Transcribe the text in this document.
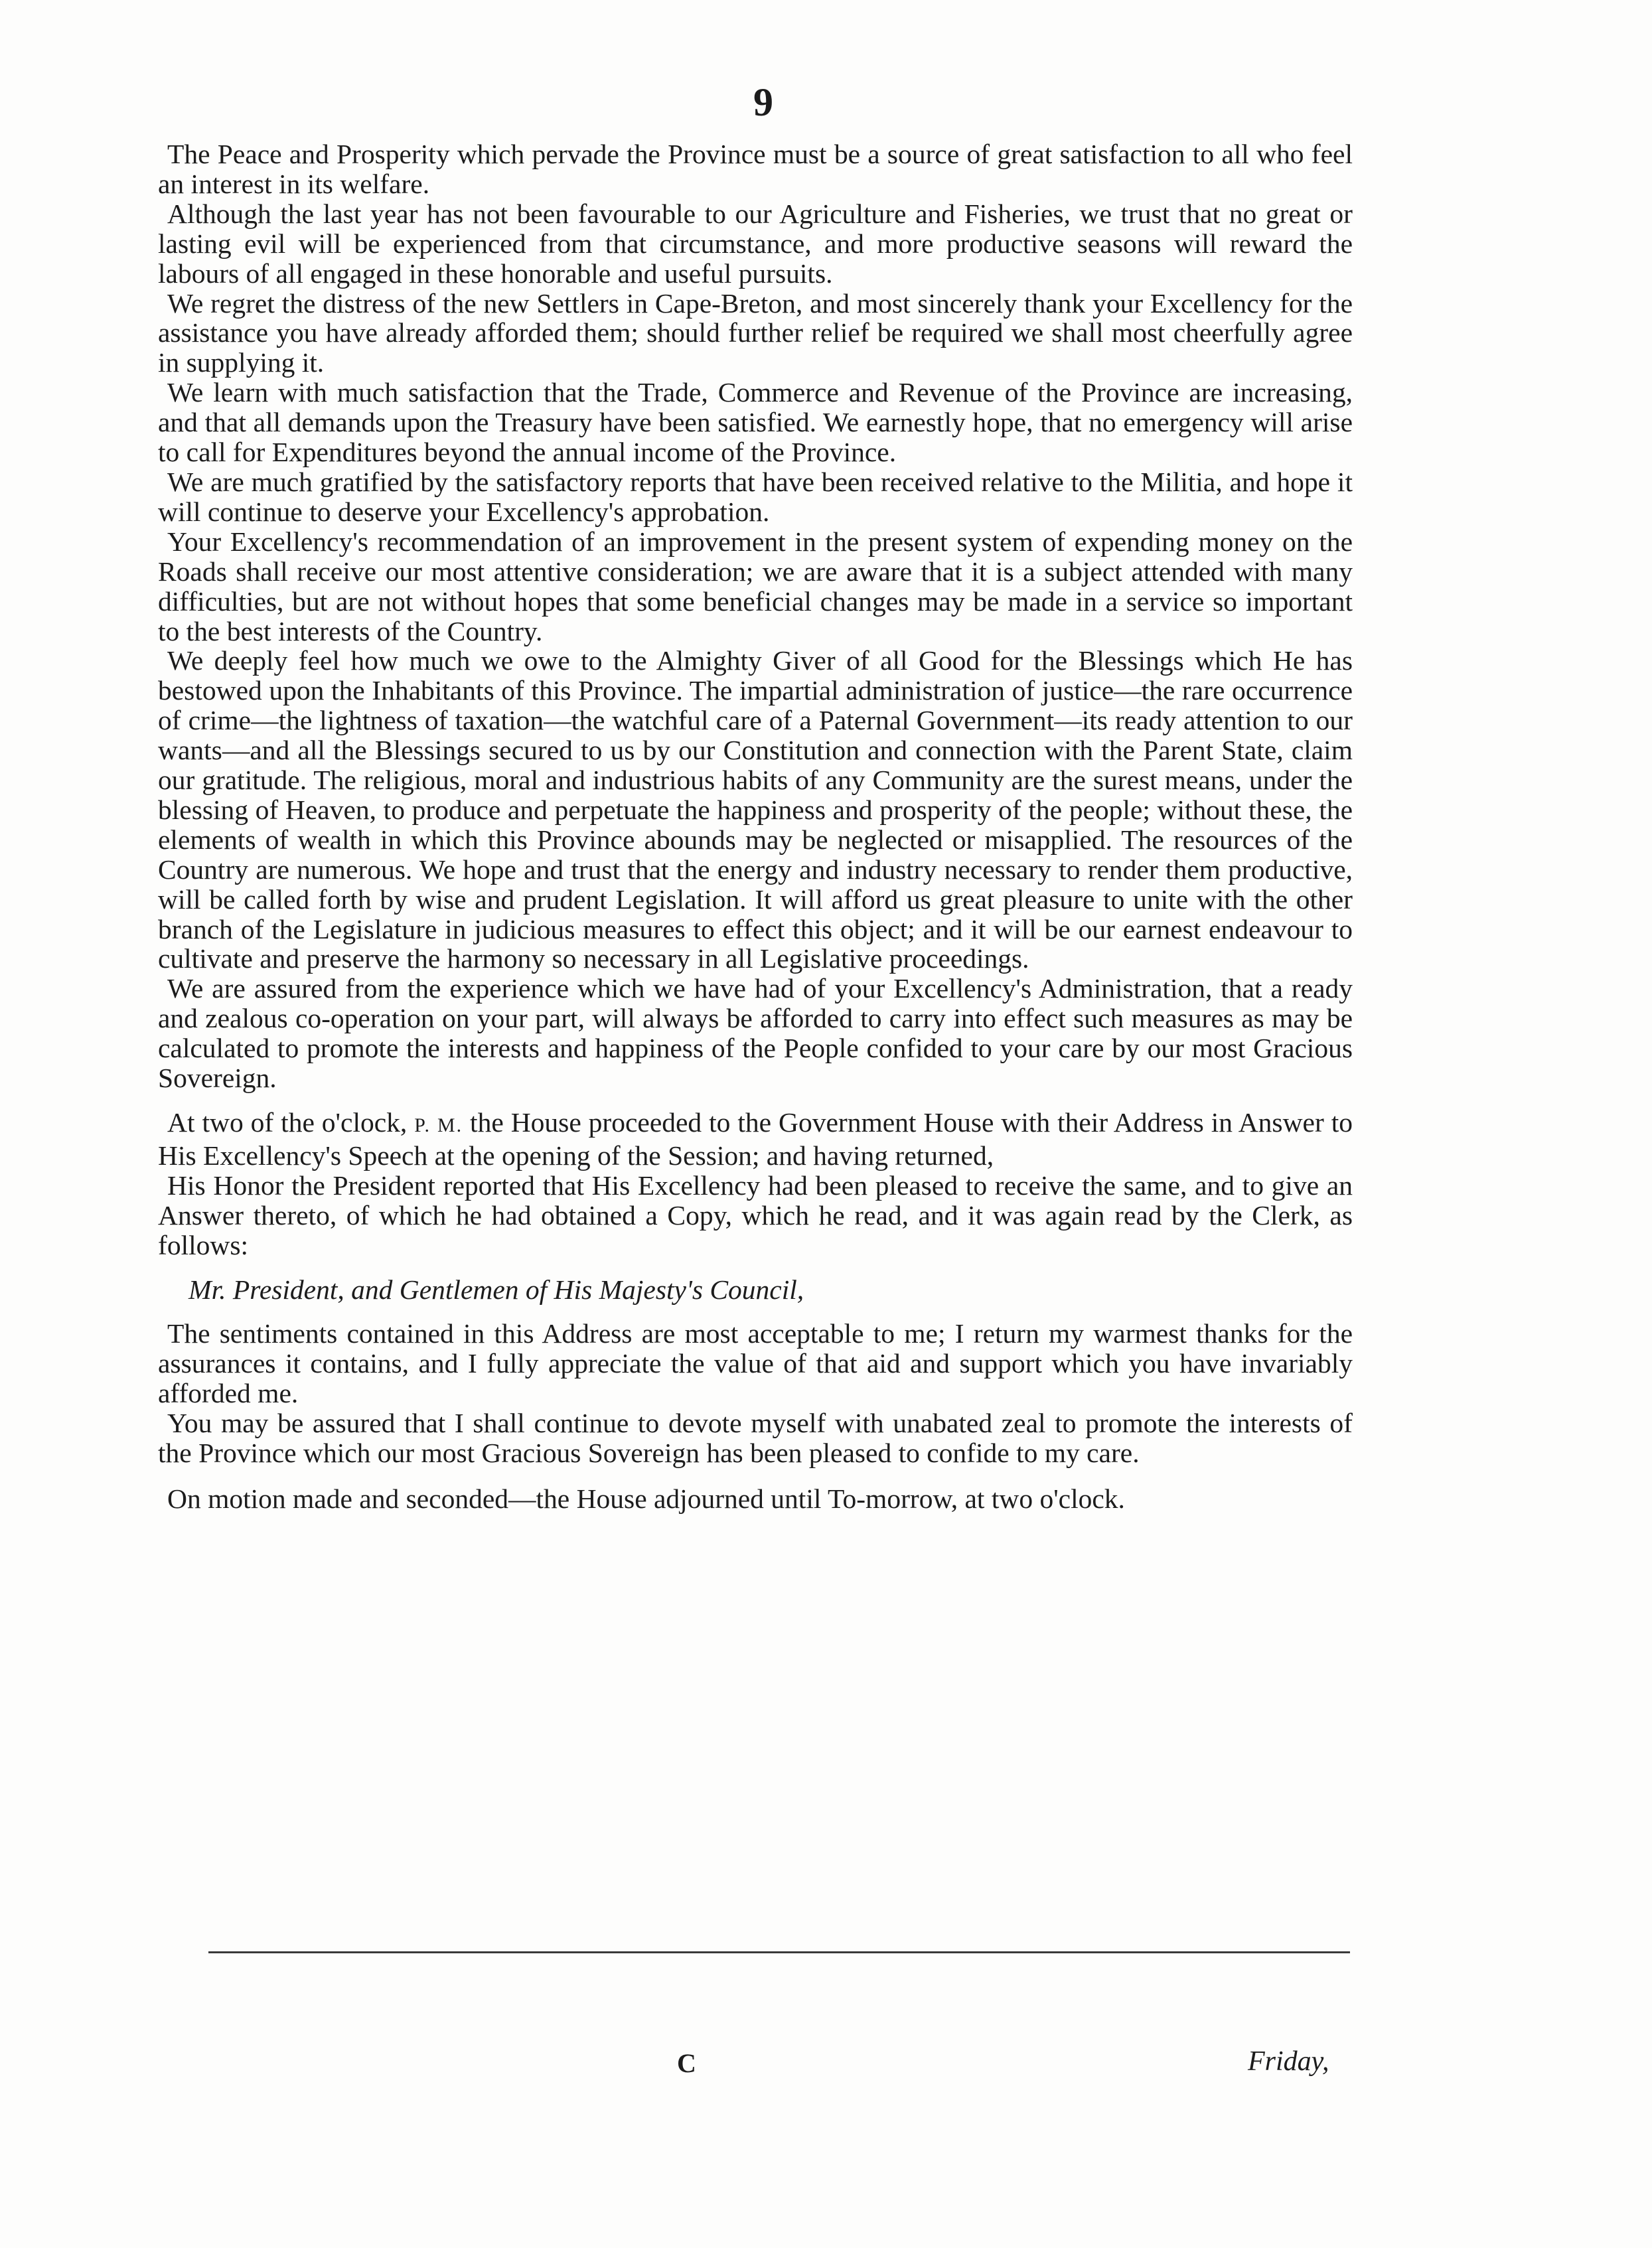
9

The Peace and Prosperity which pervade the Province must be a source of great satisfaction to all who feel an interest in its welfare.

Although the last year has not been favourable to our Agriculture and Fisheries, we trust that no great or lasting evil will be experienced from that circumstance, and more productive seasons will reward the labours of all engaged in these honorable and useful pursuits.

We regret the distress of the new Settlers in Cape-Breton, and most sincerely thank your Excellency for the assistance you have already afforded them; should further relief be required we shall most cheerfully agree in supplying it.

We learn with much satisfaction that the Trade, Commerce and Revenue of the Province are increasing, and that all demands upon the Treasury have been satisfied. We earnestly hope, that no emergency will arise to call for Expenditures beyond the annual income of the Province.

We are much gratified by the satisfactory reports that have been received relative to the Militia, and hope it will continue to deserve your Excellency's approbation.

Your Excellency's recommendation of an improvement in the present system of expending money on the Roads shall receive our most attentive consideration; we are aware that it is a subject attended with many difficulties, but are not without hopes that some beneficial changes may be made in a service so important to the best interests of the Country.

We deeply feel how much we owe to the Almighty Giver of all Good for the Blessings which He has bestowed upon the Inhabitants of this Province. The impartial administration of justice—the rare occurrence of crime—the lightness of taxation—the watchful care of a Paternal Government—its ready attention to our wants—and all the Blessings secured to us by our Constitution and connection with the Parent State, claim our gratitude. The religious, moral and industrious habits of any Community are the surest means, under the blessing of Heaven, to produce and perpetuate the happiness and prosperity of the people; without these, the elements of wealth in which this Province abounds may be neglected or misapplied. The resources of the Country are numerous. We hope and trust that the energy and industry necessary to render them productive, will be called forth by wise and prudent Legislation. It will afford us great pleasure to unite with the other branch of the Legislature in judicious measures to effect this object; and it will be our earnest endeavour to cultivate and preserve the harmony so necessary in all Legislative proceedings.

We are assured from the experience which we have had of your Excellency's Administration, that a ready and zealous co-operation on your part, will always be afforded to carry into effect such measures as may be calculated to promote the interests and happiness of the People confided to your care by our most Gracious Sovereign.

At two of the o'clock, P. M. the House proceeded to the Government House with their Address in Answer to His Excellency's Speech at the opening of the Session; and having returned,

His Honor the President reported that His Excellency had been pleased to receive the same, and to give an Answer thereto, of which he had obtained a Copy, which he read, and it was again read by the Clerk, as follows:

Mr. President, and Gentlemen of His Majesty's Council,

The sentiments contained in this Address are most acceptable to me; I return my warmest thanks for the assurances it contains, and I fully appreciate the value of that aid and support which you have invariably afforded me.

You may be assured that I shall continue to devote myself with unabated zeal to promote the interests of the Province which our most Gracious Sovereign has been pleased to confide to my care.

On motion made and seconded—the House adjourned until To-morrow, at two o'clock.

C	Friday,
